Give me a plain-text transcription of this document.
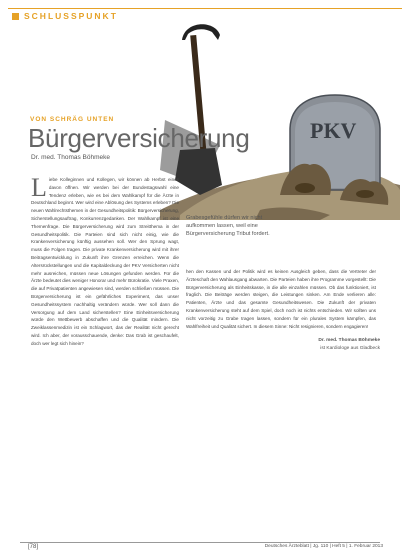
SCHLUSSPUNKT
PKV
VON SCHRÄG UNTEN
Bürgerversicherung
Dr. med. Thomas Böhmeke
Liebe Kolleginnen und Kollegen, wir können ab Herbst eines davon öffnen. Wir werden bei der Bundestagswahl eine Tendenz erleben, wie es bei dem Wahlkampf für die Ärzte in Deutschland beginnt. Wer wird eine Ablösung des Systems erleben? Die neuen Wahlrechtsthemen in der Gesundheitspolitik: Bürgerversicherung, Sicherstellungsauftrag, Konkurrenzgedanken. Der Wahlkampf ist eine Themenfrage. Die Bürgerversicherung wird zum Streitthema in der Gesundheitspolitik. Die Parteien sind sich nicht einig, wie die Krankenversicherung künftig aussehen soll. Wer den Sprung wagt, muss die Folgen tragen. Die private Krankenversicherung wird mit ihrer Beitragsentwicklung in Zukunft ihre Grenzen erreichen. Wenn die Altersrückstellungen und die Kapitaldeckung der PKV Versicherten nicht mehr ausreichen, müssen neue Lösungen gefunden werden. Für die Ärzte bedeutet dies weniger Honorar und mehr Bürokratie. Viele Praxen, die auf Privatpatienten angewiesen sind, werden schließen müssen. Die Bürgerversicherung ist ein gefährliches Experiment, das unser Gesundheitssystem nachhaltig verändern würde. Wer soll dann die Versorgung auf dem Land sicherstellen? Eine Einheitsversicherung würde den Wettbewerb abschaffen und die Qualität mindern. Die Zweiklassenmedizin ist ein Schlagwort, das der Realität nicht gerecht wird. Ich aber, der vorausschauende, denke: Das Grab ist geschaufelt, doch wer legt sich hinein?
Grabesgefühle dürfen wir nicht aufkommen lassen, weil eine Bürgerversicherung Tribut fordert.
hen den Kassen und der Politik wird es keinen Ausgleich geben, dass die Vertreter der Ärzteschaft den Wahlausgang abwarten. Die Parteien haben ihre Programme vorgestellt: Die Bürgerversicherung als Einheitskasse, in die alle einzahlen müssen. Ob das funktioniert, ist fraglich. Die Beiträge werden steigen, die Leistungen sinken. Am Ende verlieren alle: Patienten, Ärzte und das gesamte Gesundheitswesen. Die Zukunft der privaten Krankenversicherung steht auf dem Spiel, doch noch ist nichts entschieden. Wir sollten uns nicht vorzeitig zu Grabe tragen lassen, sondern für ein plurales System kämpfen, das Wahlfreiheit und Qualität sichert. In diesem Sinne: Nicht resignieren, sondern engagieren!
Dr. med. Thomas Böhmeke
ist Kardiologe aus Gladbeck
[78]	Deutsches Ärzteblatt | Jg. 110 | Heft 5 | 1. Februar 2013
